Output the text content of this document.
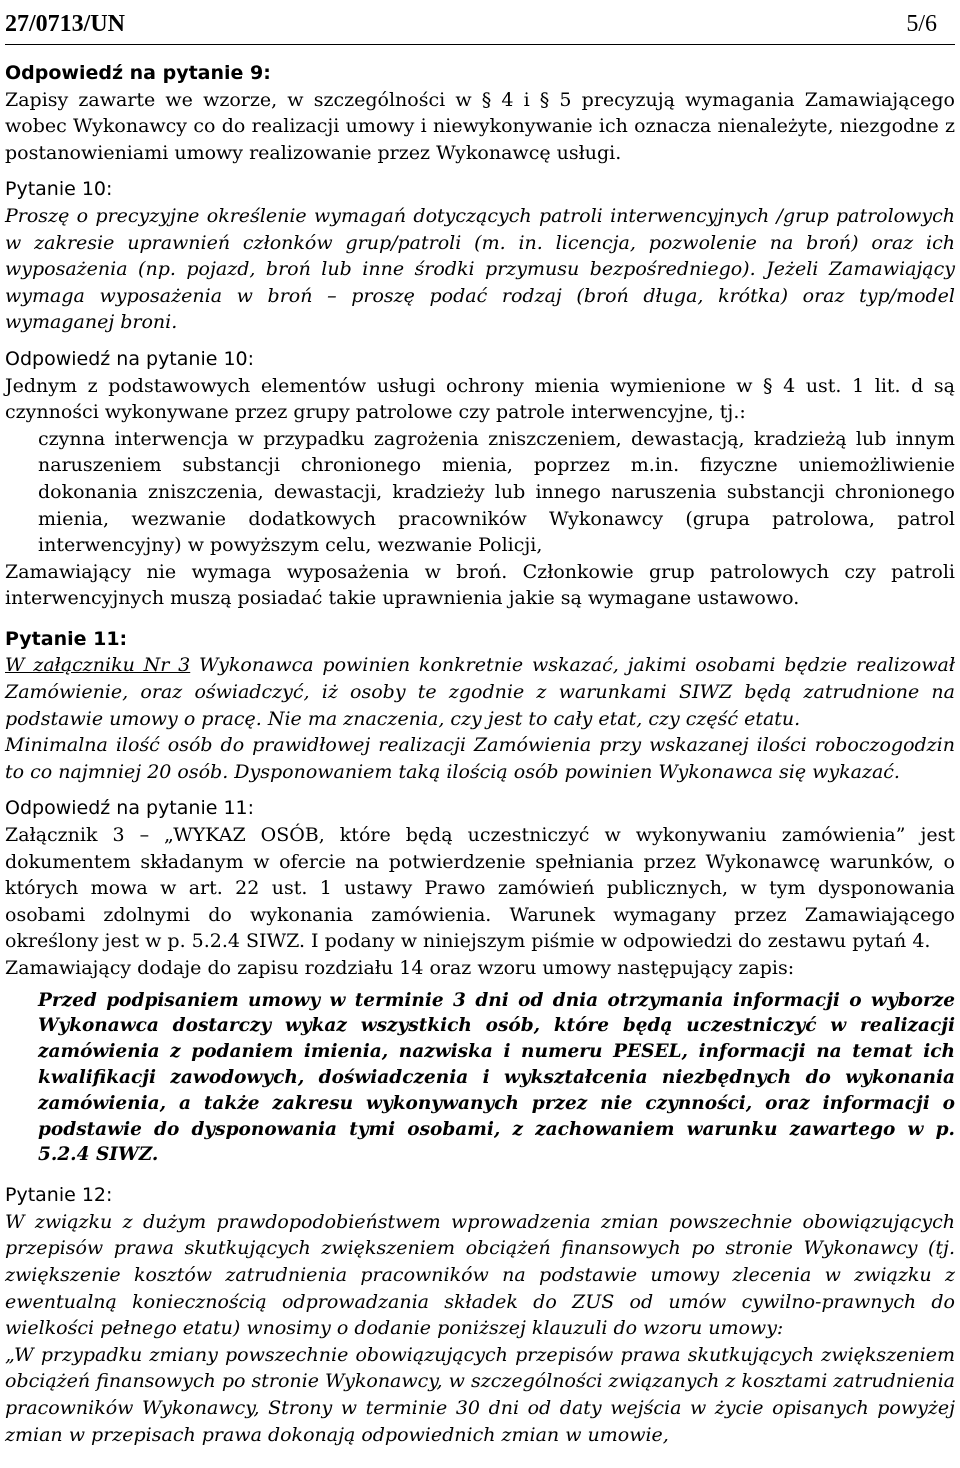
27/0713/UN	5/6
Odpowiedź na pytanie 9:

Zapisy zawarte we wzorze, w szczególności w § 4 i § 5 precyzują wymagania Zamawiającego wobec Wykonawcy co do realizacji umowy i niewykonywanie ich oznacza nienależyte, niezgodne z postanowieniami umowy realizowanie przez Wykonawcę usługi.

Pytanie 10:

Proszę o precyzyjne określenie wymagań dotyczących patroli interwencyjnych /grup patrolowych w zakresie uprawnień członków grup/patroli (m. in. licencja, pozwolenie na broń) oraz ich wyposażenia (np. pojazd, broń lub inne środki przymusu bezpośredniego). Jeżeli Zamawiający wymaga wyposażenia w broń – proszę podać rodzaj (broń długa, krótka) oraz typ/model wymaganej broni.

Odpowiedź na pytanie 10:

Jednym z podstawowych elementów usługi ochrony mienia wymienione w § 4 ust. 1 lit. d są czynności wykonywane przez grupy patrolowe czy patrole interwencyjne, tj.:

czynna interwencja w przypadku zagrożenia zniszczeniem, dewastacją, kradzieżą lub innym naruszeniem substancji chronionego mienia, poprzez m.in. fizyczne uniemożliwienie dokonania zniszczenia, dewastacji, kradzieży lub innego naruszenia substancji chronionego mienia, wezwanie dodatkowych pracowników Wykonawcy (grupa patrolowa, patrol interwencyjny) w powyższym celu, wezwanie Policji,

Zamawiający nie wymaga wyposażenia w broń. Członkowie grup patrolowych czy patroli interwencyjnych muszą posiadać takie uprawnienia jakie są wymagane ustawowo.

Pytanie 11:

W załączniku Nr 3 Wykonawca powinien konkretnie wskazać, jakimi osobami będzie realizował Zamówienie, oraz oświadczyć, iż osoby te zgodnie z warunkami SIWZ będą zatrudnione na podstawie umowy o pracę. Nie ma znaczenia, czy jest to cały etat, czy część etatu.

Minimalna ilość osób do prawidłowej realizacji Zamówienia przy wskazanej ilości roboczogodzin to co najmniej 20 osób. Dysponowaniem taką ilością osób powinien Wykonawca się wykazać.

Odpowiedź na pytanie 11:

Załącznik 3 – „WYKAZ OSÓB, które będą uczestniczyć w wykonywaniu zamówienia” jest dokumentem składanym w ofercie na potwierdzenie spełniania przez Wykonawcę warunków, o których mowa w art. 22 ust. 1 ustawy Prawo zamówień publicznych, w tym dysponowania osobami zdolnymi do wykonania zamówienia. Warunek wymagany przez Zamawiającego określony jest w p. 5.2.4 SIWZ. I podany w niniejszym piśmie w odpowiedzi do zestawu pytań 4.

Zamawiający dodaje do zapisu rozdziału 14 oraz wzoru umowy następujący zapis:

Przed podpisaniem umowy w terminie 3 dni od dnia otrzymania informacji o wyborze Wykonawca dostarczy wykaz wszystkich osób, które będą uczestniczyć w realizacji zamówienia z podaniem imienia, nazwiska i numeru PESEL, informacji na temat ich kwalifikacji zawodowych, doświadczenia i wykształcenia niezbędnych do wykonania zamówienia, a także zakresu wykonywanych przez nie czynności, oraz informacji o podstawie do dysponowania tymi osobami, z zachowaniem warunku zawartego w p. 5.2.4 SIWZ.

Pytanie 12:

W związku z dużym prawdopodobieństwem wprowadzenia zmian powszechnie obowiązujących przepisów prawa skutkujących zwiększeniem obciążeń finansowych po stronie Wykonawcy (tj. zwiększenie kosztów zatrudnienia pracowników na podstawie umowy zlecenia w związku z ewentualną koniecznością odprowadzania składek do ZUS od umów cywilno-prawnych do wielkości pełnego etatu) wnosimy o dodanie poniższej klauzuli do wzoru umowy:

„W przypadku zmiany powszechnie obowiązujących przepisów prawa skutkujących zwiększeniem obciążeń finansowych po stronie Wykonawcy, w szczególności związanych z kosztami zatrudnienia pracowników Wykonawcy, Strony w terminie 30 dni od daty wejścia w życie opisanych powyżej zmian w przepisach prawa dokonają odpowiednich zmian w umowie,
